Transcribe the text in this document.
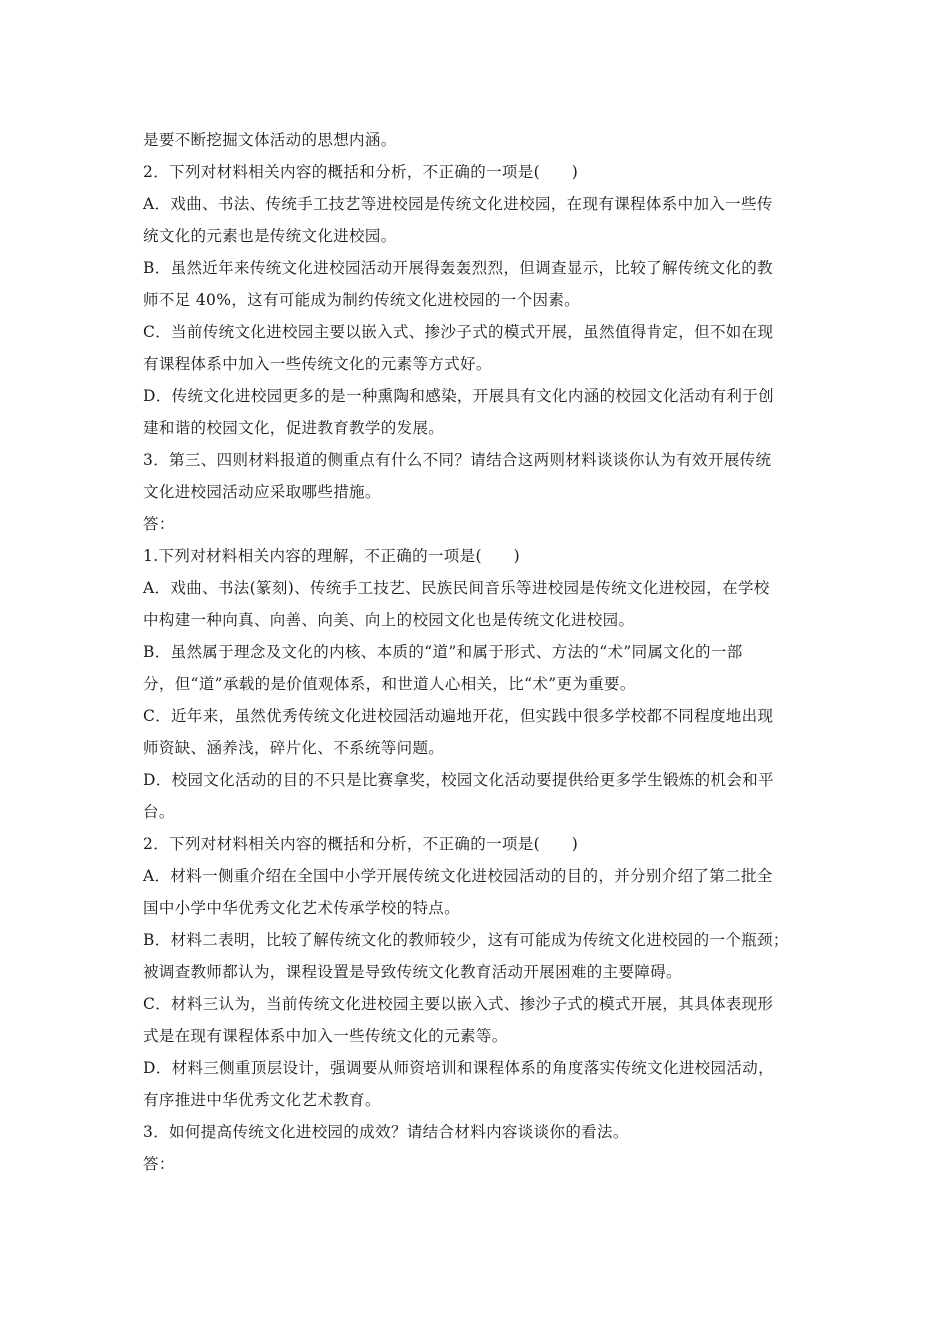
是要不断挖掘文体活动的思想内涵。

2．下列对材料相关内容的概括和分析，不正确的一项是(　　)

A．戏曲、书法、传统手工技艺等进校园是传统文化进校园，在现有课程体系中加入一些传

统文化的元素也是传统文化进校园。

B．虽然近年来传统文化进校园活动开展得轰轰烈烈，但调查显示，比较了解传统文化的教

师不足 40%，这有可能成为制约传统文化进校园的一个因素。

C．当前传统文化进校园主要以嵌入式、掺沙子式的模式开展，虽然值得肯定，但不如在现

有课程体系中加入一些传统文化的元素等方式好。

D．传统文化进校园更多的是一种熏陶和感染，开展具有文化内涵的校园文化活动有利于创

建和谐的校园文化，促进教育教学的发展。

3．第三、四则材料报道的侧重点有什么不同？请结合这两则材料谈谈你认为有效开展传统

文化进校园活动应采取哪些措施。

答：

1.下列对材料相关内容的理解，不正确的一项是(　　)

A．戏曲、书法(篆刻)、传统手工技艺、民族民间音乐等进校园是传统文化进校园，在学校

中构建一种向真、向善、向美、向上的校园文化也是传统文化进校园。

B．虽然属于理念及文化的内核、本质的“道”和属于形式、方法的“术”同属文化的一部

分，但“道”承载的是价值观体系，和世道人心相关，比“术”更为重要。

C．近年来，虽然优秀传统文化进校园活动遍地开花，但实践中很多学校都不同程度地出现

师资缺、涵养浅，碎片化、不系统等问题。

D．校园文化活动的目的不只是比赛拿奖，校园文化活动要提供给更多学生锻炼的机会和平

台。

2．下列对材料相关内容的概括和分析，不正确的一项是(　　)

A．材料一侧重介绍在全国中小学开展传统文化进校园活动的目的，并分别介绍了第二批全

国中小学中华优秀文化艺术传承学校的特点。

B．材料二表明，比较了解传统文化的教师较少，这有可能成为传统文化进校园的一个瓶颈；

被调查教师都认为，课程设置是导致传统文化教育活动开展困难的主要障碍。

C．材料三认为，当前传统文化进校园主要以嵌入式、掺沙子式的模式开展，其具体表现形

式是在现有课程体系中加入一些传统文化的元素等。

D．材料三侧重顶层设计，强调要从师资培训和课程体系的角度落实传统文化进校园活动，

有序推进中华优秀文化艺术教育。

3．如何提高传统文化进校园的成效？请结合材料内容谈谈你的看法。

答：
